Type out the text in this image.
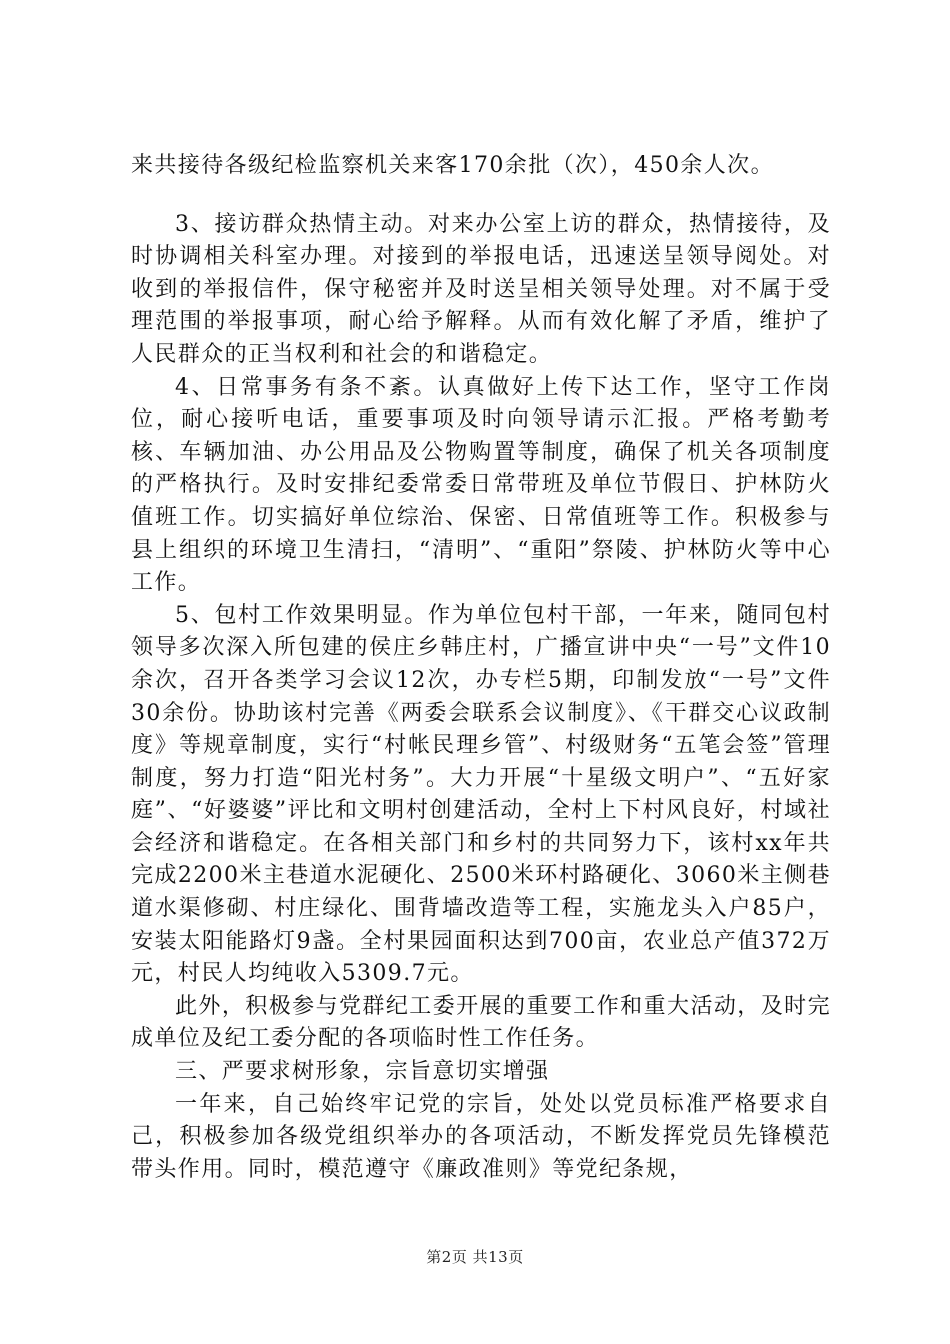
来共接待各级纪检监察机关来客170余批（次），450余人次。

3、接访群众热情主动。对来办公室上访的群众，热情接待，及时协调相关科室办理。对接到的举报电话，迅速送呈领导阅处。对收到的举报信件，保守秘密并及时送呈相关领导处理。对不属于受理范围的举报事项，耐心给予解释。从而有效化解了矛盾，维护了人民群众的正当权利和社会的和谐稳定。

4、日常事务有条不紊。认真做好上传下达工作，坚守工作岗位，耐心接听电话，重要事项及时向领导请示汇报。严格考勤考核、车辆加油、办公用品及公物购置等制度，确保了机关各项制度的严格执行。及时安排纪委常委日常带班及单位节假日、护林防火值班工作。切实搞好单位综治、保密、日常值班等工作。积极参与县上组织的环境卫生清扫，“清明”、“重阳”祭陵、护林防火等中心工作。

5、包村工作效果明显。作为单位包村干部，一年来，随同包村领导多次深入所包建的侯庄乡韩庄村，广播宣讲中央“一号”文件10余次，召开各类学习会议12次，办专栏5期，印制发放“一号”文件30余份。协助该村完善《两委会联系会议制度》、《干群交心议政制度》等规章制度，实行“村帐民理乡管”、村级财务“五笔会签”管理制度，努力打造“阳光村务”。大力开展“十星级文明户”、“五好家庭”、“好婆婆”评比和文明村创建活动，全村上下村风良好，村域社会经济和谐稳定。在各相关部门和乡村的共同努力下，该村xx年共完成2200米主巷道水泥硬化、2500米环村路硬化、3060米主侧巷道水渠修砌、村庄绿化、围背墙改造等工程，实施龙头入户85户，安装太阳能路灯9盏。全村果园面积达到700亩，农业总产值372万元，村民人均纯收入5309.7元。

此外，积极参与党群纪工委开展的重要工作和重大活动，及时完成单位及纪工委分配的各项临时性工作任务。

三、严要求树形象，宗旨意切实增强

一年来，自己始终牢记党的宗旨，处处以党员标准严格要求自己，积极参加各级党组织举办的各项活动，不断发挥党员先锋模范带头作用。同时，模范遵守《廉政准则》等党纪条规，

第2页 共13页
